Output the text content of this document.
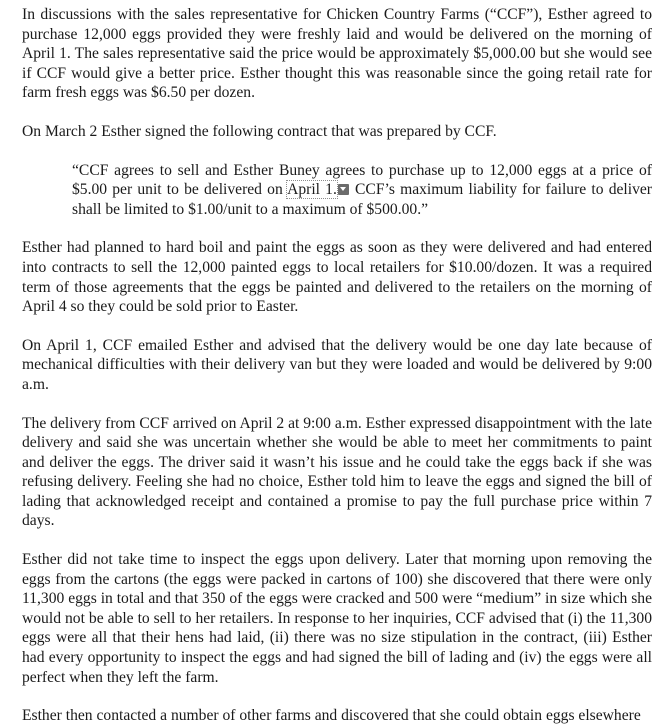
In discussions with the sales representative for Chicken Country Farms (“CCF”), Esther agreed to purchase 12,000 eggs provided they were freshly laid and would be delivered on the morning of April 1. The sales representative said the price would be approximately $5,000.00 but she would see if CCF would give a better price. Esther thought this was reasonable since the going retail rate for farm fresh eggs was $6.50 per dozen.

On March 2 Esther signed the following contract that was prepared by CCF.

“CCF agrees to sell and Esther Buney agrees to purchase up to 12,000 eggs at a price of $5.00 per unit to be delivered on April 1. CCF’s maximum liability for failure to deliver shall be limited to $1.00/unit to a maximum of $500.00.”

Esther had planned to hard boil and paint the eggs as soon as they were delivered and had entered into contracts to sell the 12,000 painted eggs to local retailers for $10.00/dozen. It was a required term of those agreements that the eggs be painted and delivered to the retailers on the morning of April 4 so they could be sold prior to Easter.

On April 1, CCF emailed Esther and advised that the delivery would be one day late because of mechanical difficulties with their delivery van but they were loaded and would be delivered by 9:00 a.m.

The delivery from CCF arrived on April 2 at 9:00 a.m. Esther expressed disappointment with the late delivery and said she was uncertain whether she would be able to meet her commitments to paint and deliver the eggs. The driver said it wasn’t his issue and he could take the eggs back if she was refusing delivery. Feeling she had no choice, Esther told him to leave the eggs and signed the bill of lading that acknowledged receipt and contained a promise to pay the full purchase price within 7 days.

Esther did not take time to inspect the eggs upon delivery. Later that morning upon removing the eggs from the cartons (the eggs were packed in cartons of 100) she discovered that there were only 11,300 eggs in total and that 350 of the eggs were cracked and 500 were “medium” in size which she would not be able to sell to her retailers. In response to her inquiries, CCF advised that (i) the 11,300 eggs were all that their hens had laid, (ii) there was no size stipulation in the contract, (iii) Esther had every opportunity to inspect the eggs and had signed the bill of lading and (iv) the eggs were all perfect when they left the farm.

Esther then contacted a number of other farms and discovered that she could obtain eggs elsewhere
